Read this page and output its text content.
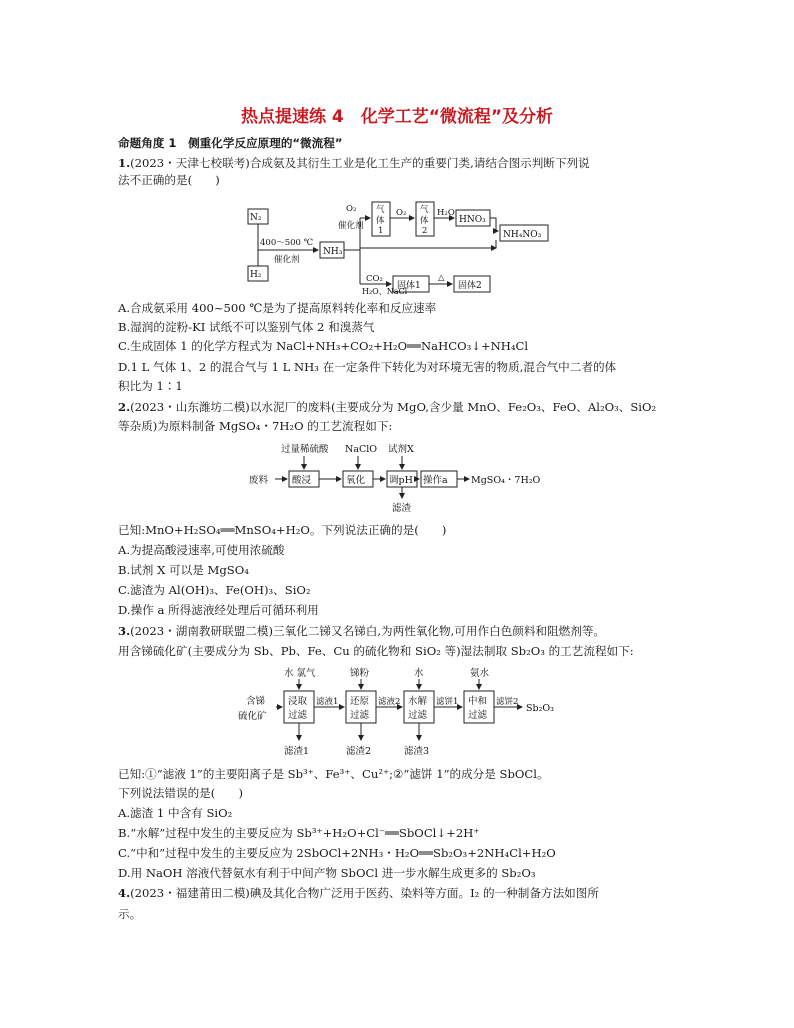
热点提速练 4　化学工艺“微流程”及分析
命题角度 1　侧重化学反应原理的“微流程”
1.(2023・天津七校联考)合成氨及其衍生工业是化工生产的重要门类,请结合图示判断下列说
法不正确的是(　　)
N₂
H₂
NH₃
400～500 ℃
催化剂
O₂
催化剂
气
体
1
O₂ 气
体
2
H₂O
HNO₃
NH₄NO₃
CO₂
H₂O、NaCl
固体1
△
固体2
A.合成氨采用 400~500 ℃是为了提高原料转化率和反应速率
B.湿润的淀粉-KI 试纸不可以鉴别气体 2 和溴蒸气
C.生成固体 1 的化学方程式为 NaCl+NH₃+CO₂+H₂O══NaHCO₃↓+NH₄Cl
D.1 L 气体 1、2 的混合气与 1 L NH₃ 在一定条件下转化为对环境无害的物质,混合气中二者的体
积比为 1∶1
2.(2023・山东潍坊二模)以水泥厂的废料(主要成分为 MgO,含少量 MnO、Fe₂O₃、FeO、Al₂O₃、SiO₂
等杂质)为原料制备 MgSO₄・7H₂O 的工艺流程如下:
过量稀硫酸 NaClO 试剂X
废料	酸浸	氧化	调pH 操作a MgSO₄・7H₂O
滤渣
已知:MnO+H₂SO₄══MnSO₄+H₂O。下列说法正确的是(　　)
A.为提高酸浸速率,可使用浓硫酸
B.试剂 X 可以是 MgSO₄
C.滤渣为 Al(OH)₃、Fe(OH)₃、SiO₂
D.操作 a 所得滤液经处理后可循环利用
3.(2023・湖南教研联盟二模)三氧化二锑又名锑白,为两性氧化物,可用作白色颜料和阻燃剂等。
用含锑硫化矿(主要成分为 Sb、Pb、Fe、Cu 的硫化物和 SiO₂ 等)湿法制取 Sb₂O₃ 的工艺流程如下:
含锑
硫化矿
水 氯气	锑粉	水	氨水
浸取
过滤
还原
过滤
水解
过滤
中和
过滤
滤液1	滤液2	滤饼1	滤饼2
Sb₂O₃
滤渣1	滤渣2	滤渣3
已知:①“滤液 1”的主要阳离子是 Sb³⁺、Fe³⁺、Cu²⁺;②“滤饼 1”的成分是 SbOCl。
下列说法错误的是(　　)
A.滤渣 1 中含有 SiO₂
B.“水解”过程中发生的主要反应为 Sb³⁺+H₂O+Cl⁻══SbOCl↓+2H⁺
C.“中和”过程中发生的主要反应为 2SbOCl+2NH₃・H₂O══Sb₂O₃+2NH₄Cl+H₂O
D.用 NaOH 溶液代替氨水有利于中间产物 SbOCl 进一步水解生成更多的 Sb₂O₃
4.(2023・福建莆田二模)碘及其化合物广泛用于医药、染料等方面。I₂ 的一种制备方法如图所
示。
